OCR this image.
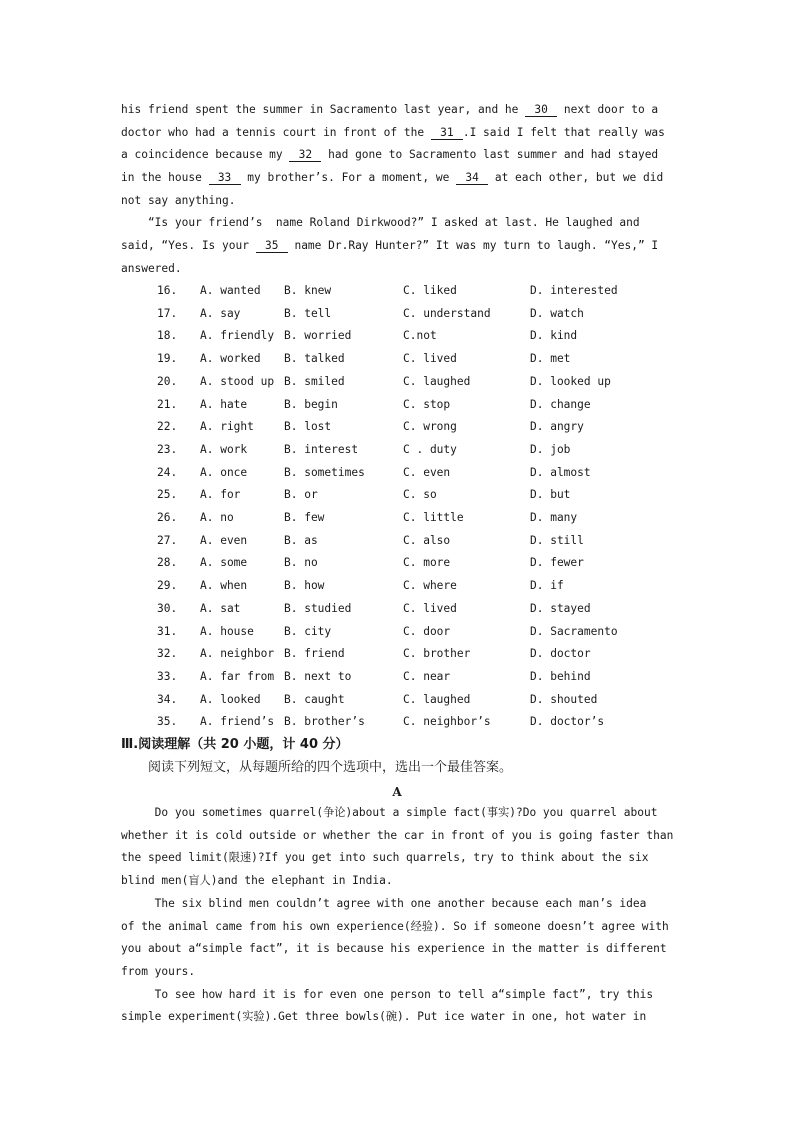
his friend spent the summer in Sacramento last year, and he 30 next door to a
doctor who had a tennis court in front of the 31 .I said I felt that really was
a coincidence because my 32 had gone to Sacramento last summer and had stayed
in the house 33 my brother’s. For a moment, we 34 at each other, but we did
not say anything.
“Is your friend’s  name Roland Dirkwood?” I asked at last. He laughed and
said, “Yes. Is your 35 name Dr.Ray Hunter?” It was my turn to laugh. “Yes,” I
answered.
16. A. wanted B. knew	C. liked	D. interested
17. A. say	B. tell	C. understand	D. watch
18. A. friendly B. worried	C.not	D. kind
19. A. worked B. talked	C. lived	D. met
20. A. stood up B. smiled	C. laughed	D. looked up
21. A. hate	B. begin	C. stop	D. change
22. A. right	B. lost	C. wrong	D. angry
23. A. work	B. interest	C . duty	D. job
24. A. once	B. sometimes	C. even	D. almost
25. A. for	B. or	C. so	D. but
26. A. no	B. few	C. little	D. many
27. A. even	B. as	C. also	D. still
28. A. some	B. no	C. more	D. fewer
29. A. when	B. how	C. where	D. if
30. A. sat	B. studied	C. lived	D. stayed
31. A. house	B. city	C. door	D. Sacramento
32. A. neighbor B. friend	C. brother	D. doctor
33. A. far from B. next to	C. near	D. behind
34. A. looked B. caught	C. laughed	D. shouted
35. A. friend’s B. brother’s	C. neighbor’s	D. doctor’s
Ⅲ.阅读理解（共 20 小题，计 40 分）
阅读下列短文，从每题所给的四个选项中，选出一个最佳答案。
A
Do you sometimes quarrel(争论)about a simple fact(事实)?Do you quarrel about
whether it is cold outside or whether the car in front of you is going faster than
the speed limit(限速)?If you get into such quarrels, try to think about the six
blind men(盲人)and the elephant in India.
The six blind men couldn’t agree with one another because each man’s idea
of the animal came from his own experience(经验). So if someone doesn’t agree with
you about a“simple fact”, it is because his experience in the matter is different
from yours.
To see how hard it is for even one person to tell a“simple fact”, try this
simple experiment(实验).Get three bowls(碗). Put ice water in one, hot water in
